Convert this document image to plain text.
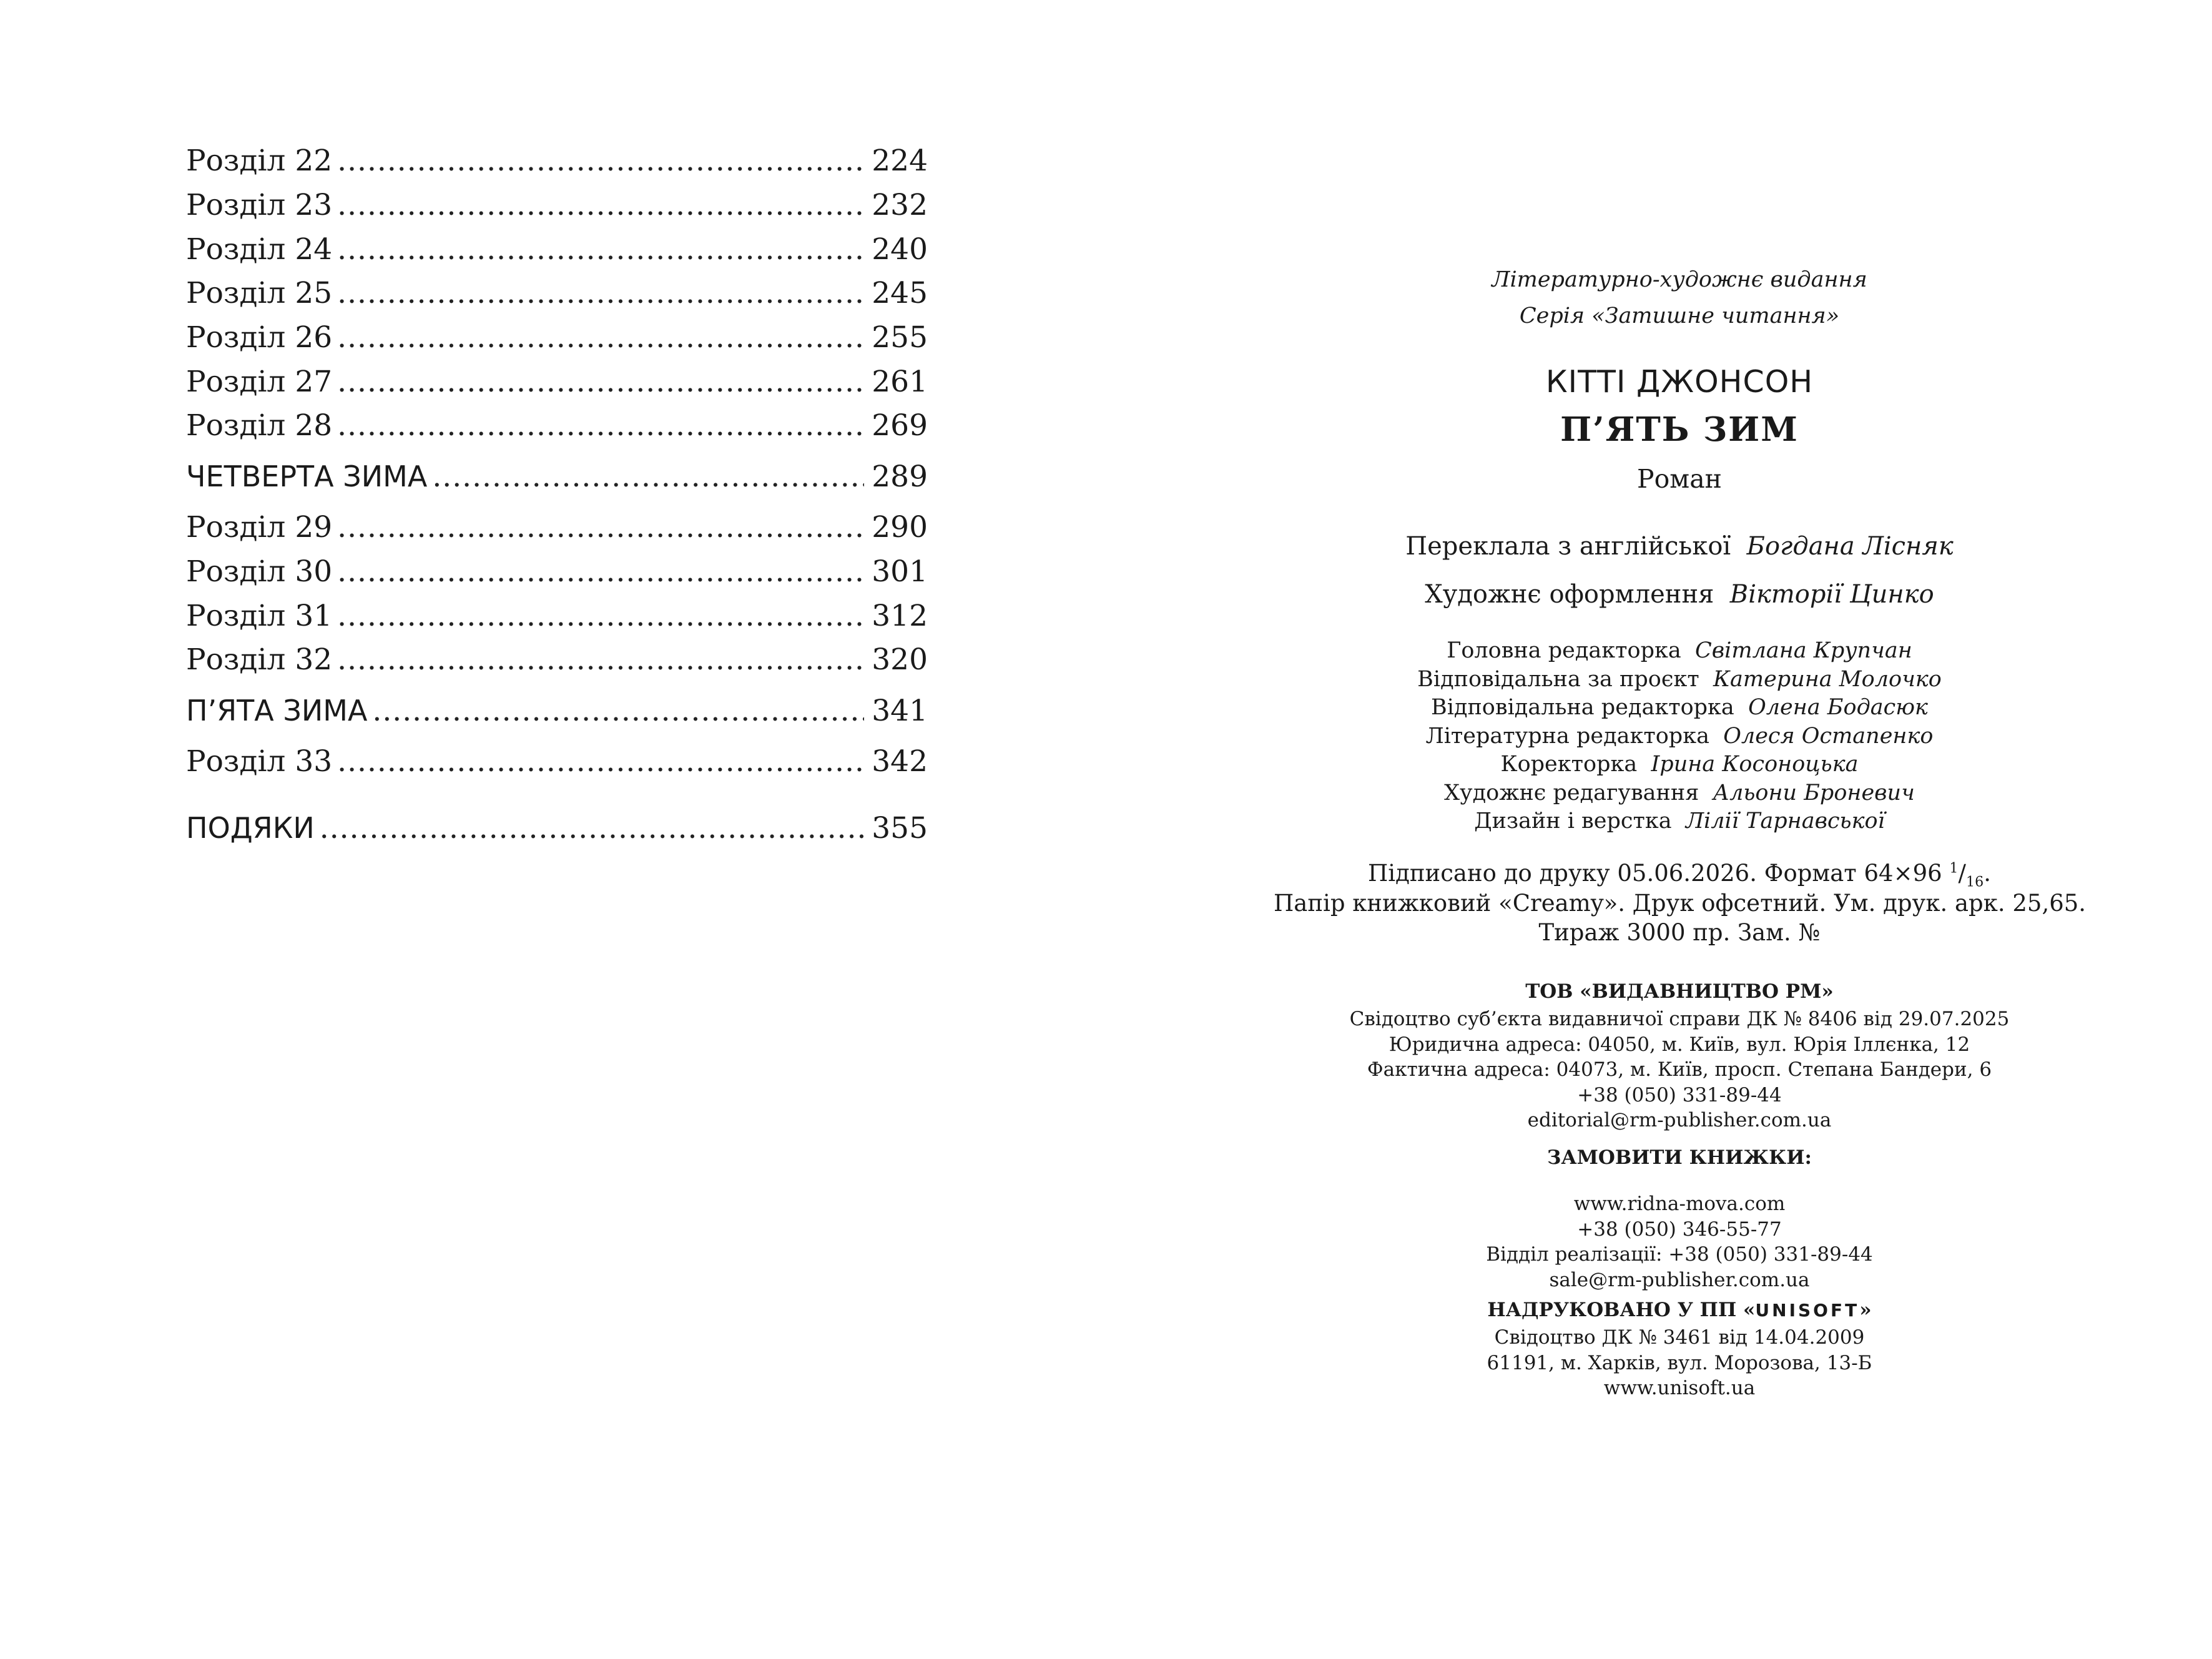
Розділ 22 .....	224
Розділ 23 .....	232
Розділ 24 .....	240
Розділ 25 .....	245
Розділ 26 .....	255
Розділ 27 .....	261
Розділ 28 .....	269
ЧЕТВЕРТА ЗИМА .....	289
Розділ 29 .....	290
Розділ 30 .....	301
Розділ 31 .....	312
Розділ 32 .....	320
П’ЯТА ЗИМА .....	341
Розділ 33 .....	342
ПОДЯКИ .....	355
Літературно-художнє видання
Серія «Затишне читання»
КІТТІ ДЖОНСОН
П’ЯТЬ ЗИМ
Роман
Переклала з англійської Богдана Лісняк
Художнє оформлення Вікторії Цинко
Головна редакторка Світлана Крупчан
Відповідальна за проєкт Катерина Молочко
Відповідальна редакторка Олена Бодасюк
Літературна редакторка Олеся Остапенко
Коректорка Ірина Косоноцька
Художнє редагування Альони Броневич
Дизайн і верстка Лілії Тарнавської
Підписано до друку 05.06.2026. Формат 64×96 $^1/_{16}$.
Папір книжковий «Creamy». Друк офсетний. Ум. друк. арк. 25,65.
Тираж 3000 пр. Зам. №
ТОВ «ВИДАВНИЦТВО РМ»
Свідоцтво суб’єкта видавничої справи ДК № 8406 від 29.07.2025
Юридична адреса: 04050, м. Київ, вул. Юрія Іллєнка, 12
Фактична адреса: 04073, м. Київ, просп. Степана Бандери, 6
+38 (050) 331-89-44
editorial@rm-publisher.com.ua
ЗАМОВИТИ КНИЖКИ:
www.ridna-mova.com
+38 (050) 346-55-77
Відділ реалізації: +38 (050) 331-89-44
sale@rm-publisher.com.ua
НАДРУКОВАНО У ПП «UNISOFT»
Свідоцтво ДК № 3461 від 14.04.2009
61191, м. Харків, вул. Морозова, 13-Б
www.unisoft.ua
